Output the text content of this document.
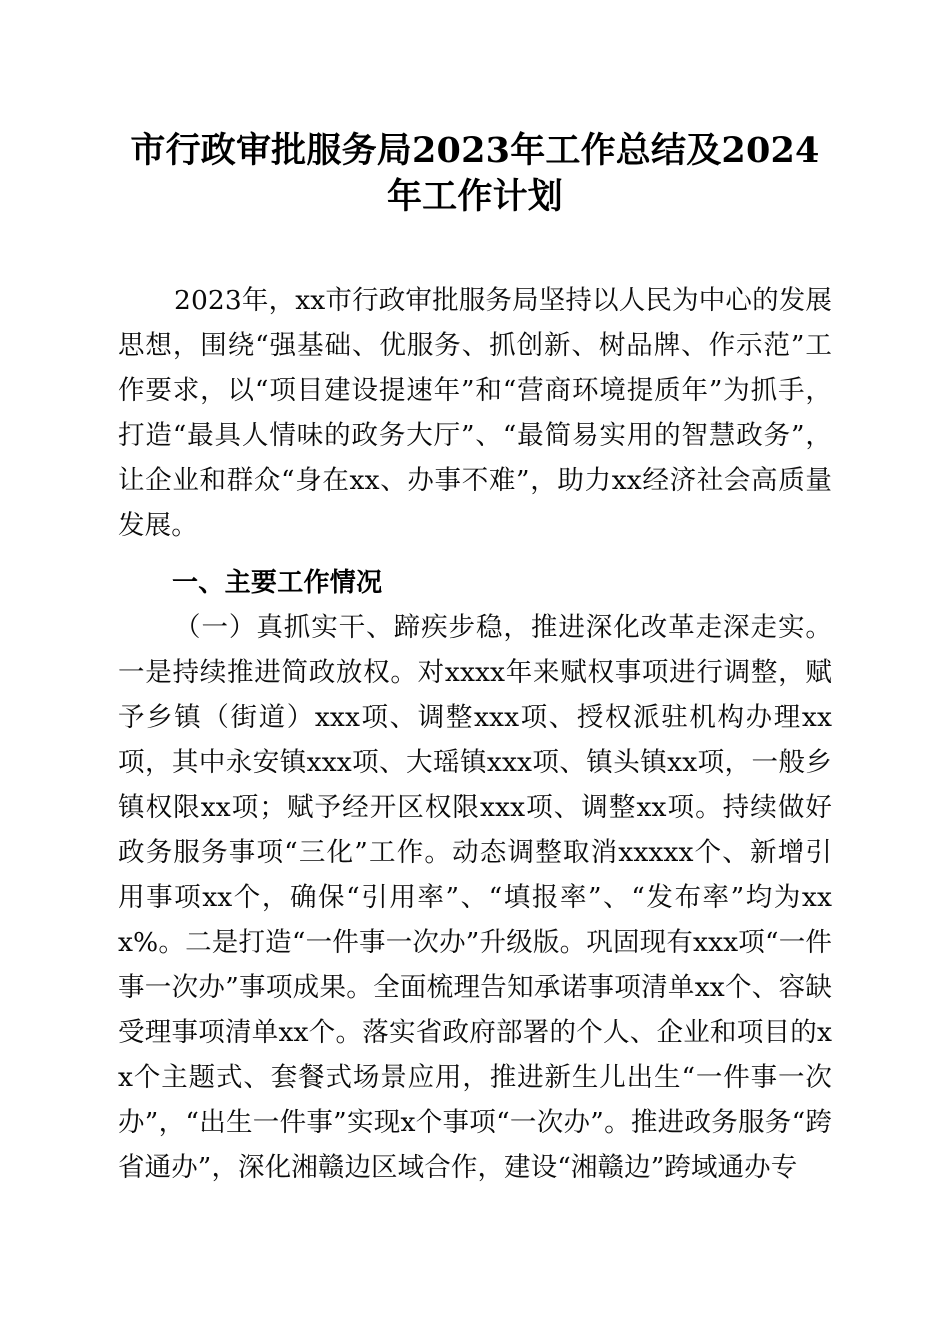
市行政审批服务局2023年工作总结及2024年工作计划

2023年，xx市行政审批服务局坚持以人民为中心的发展思想，围绕“强基础、优服务、抓创新、树品牌、作示范”工作要求，以“项目建设提速年”和“营商环境提质年”为抓手，打造“最具人情味的政务大厅”、“最简易实用的智慧政务”，让企业和群众“身在xx、办事不难”，助力xx经济社会高质量发展。

一、主要工作情况

（一）真抓实干、蹄疾步稳，推进深化改革走深走实。一是持续推进简政放权。对xxxx年来赋权事项进行调整，赋予乡镇（街道）xxx项、调整xxx项、授权派驻机构办理xx项，其中永安镇xxx项、大瑶镇xxx项、镇头镇xx项，一般乡镇权限xx项；赋予经开区权限xxx项、调整xx项。持续做好政务服务事项“三化”工作。动态调整取消xxxxx个、新增引用事项xx个，确保“引用率”、“填报率”、“发布率”均为xxx%。二是打造“一件事一次办”升级版。巩固现有xxx项“一件事一次办”事项成果。全面梳理告知承诺事项清单xx个、容缺受理事项清单xx个。落实省政府部署的个人、企业和项目的xx个主题式、套餐式场景应用，推进新生儿出生“一件事一次办”，“出生一件事”实现x个事项“一次办”。推进政务服务“跨省通办”，深化湘赣边区域合作，建设“湘赣边”跨域通办专
